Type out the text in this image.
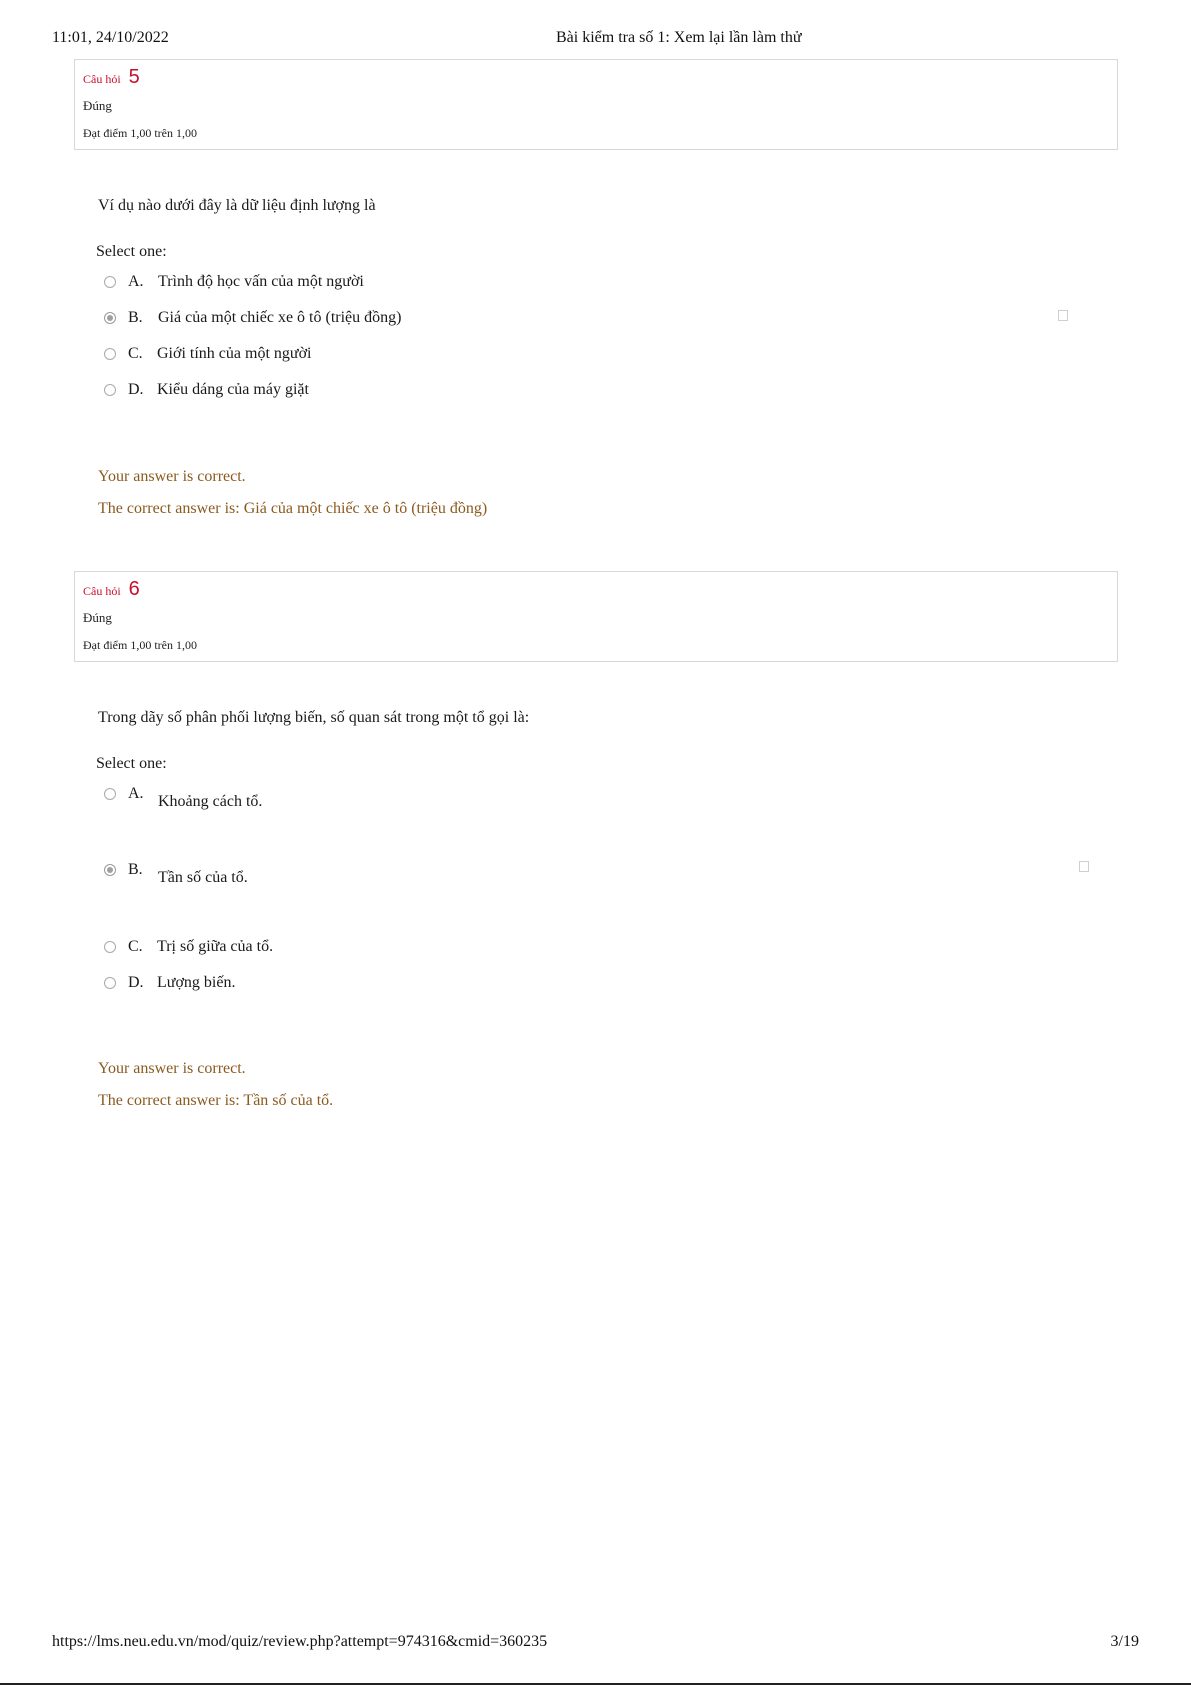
11:01, 24/10/2022	Bài kiểm tra số 1: Xem lại lần làm thử
Câu hỏi 5
Đúng
Đạt điểm 1,00 trên 1,00
Ví dụ nào dưới đây là dữ liệu định lượng là
Select one:
A. Trình độ học vấn của một người
B. Giá của một chiếc xe ô tô (triệu đồng)
C. Giới tính của một người
D. Kiểu dáng của máy giặt
Your answer is correct.
The correct answer is: Giá của một chiếc xe ô tô (triệu đồng)
Câu hỏi 6
Đúng
Đạt điểm 1,00 trên 1,00
Trong dãy số phân phối lượng biến, số quan sát trong một tổ gọi là:
Select one:
A. Khoảng cách tổ.
B. Tần số của tổ.
C. Trị số giữa của tổ.
D. Lượng biến.
Your answer is correct.
The correct answer is: Tần số của tổ.
https://lms.neu.edu.vn/mod/quiz/review.php?attempt=974316&cmid=360235	3/19
